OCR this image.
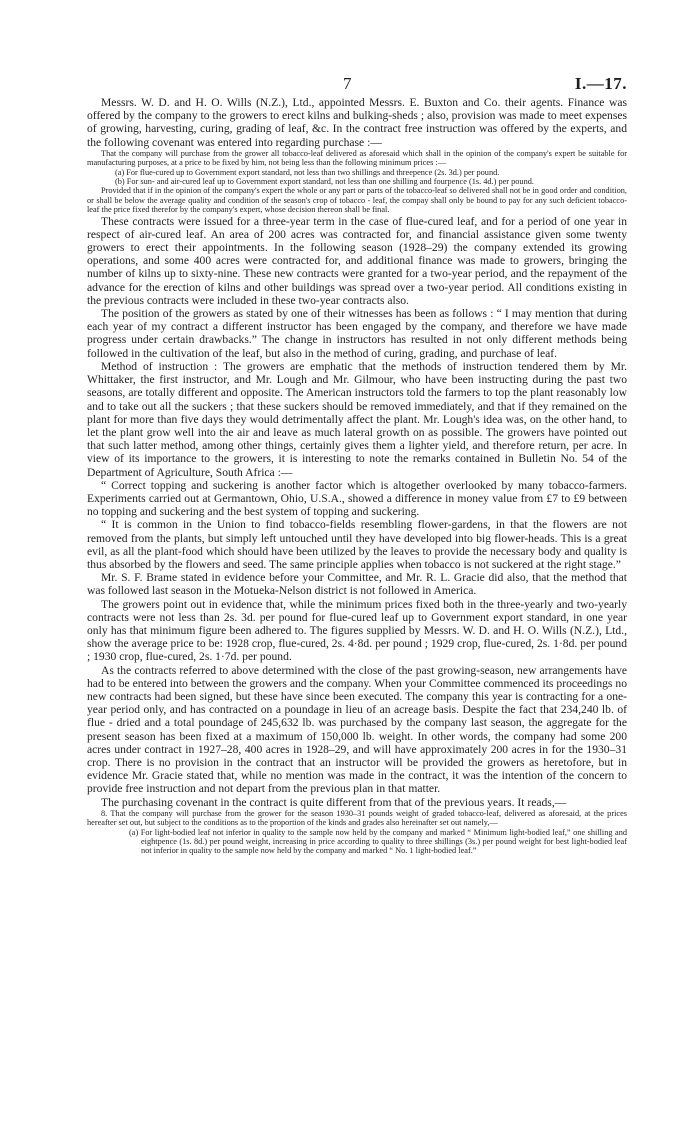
7	I.—17.

Messrs. W. D. and H. O. Wills (N.Z.), Ltd., appointed Messrs. E. Buxton and Co. their agents. Finance was offered by the company to the growers to erect kilns and bulking-sheds ; also, provision was made to meet expenses of growing, harvesting, curing, grading of leaf, &c. In the contract free instruction was offered by the experts, and the following covenant was entered into regarding purchase :—

That the company will purchase from the grower all tobacco-leaf delivered as aforesaid which shall in the opinion of the company's expert be suitable for manufacturing purposes, at a price to be fixed by him, not being less than the following minimum prices :—

(a) For flue-cured up to Government export standard, not less than two shillings and threepence (2s. 3d.) per pound.

(b) For sun- and air-cured leaf up to Government export standard, not less than one shilling and fourpence (1s. 4d.) per pound.

Provided that if in the opinion of the company's expert the whole or any part or parts of the tobacco-leaf so delivered shall not be in good order and condition, or shall be below the average quality and condition of the season's crop of tobacco - leaf, the compay shall only be bound to pay for any such deficient tobacco-leaf the price fixed therefor by the company's expert, whose decision thereon shall be final.

These contracts were issued for a three-year term in the case of flue-cured leaf, and for a period of one year in respect of air-cured leaf. An area of 200 acres was contracted for, and financial assistance given some twenty growers to erect their appointments. In the following season (1928–29) the company extended its growing operations, and some 400 acres were contracted for, and additional finance was made to growers, bringing the number of kilns up to sixty-nine. These new contracts were granted for a two-year period, and the repayment of the advance for the erection of kilns and other buildings was spread over a two-year period. All conditions existing in the previous contracts were included in these two-year contracts also.

The position of the growers as stated by one of their witnesses has been as follows : “ I may mention that during each year of my contract a different instructor has been engaged by the company, and therefore we have made progress under certain drawbacks.” The change in instructors has resulted in not only different methods being followed in the cultivation of the leaf, but also in the method of curing, grading, and purchase of leaf.

Method of instruction : The growers are emphatic that the methods of instruction tendered them by Mr. Whittaker, the first instructor, and Mr. Lough and Mr. Gilmour, who have been instructing during the past two seasons, are totally different and opposite. The American instructors told the farmers to top the plant reasonably low and to take out all the suckers ; that these suckers should be removed immediately, and that if they remained on the plant for more than five days they would detrimentally affect the plant. Mr. Lough's idea was, on the other hand, to let the plant grow well into the air and leave as much lateral growth on as possible. The growers have pointed out that such latter method, among other things, certainly gives them a lighter yield, and therefore return, per acre. In view of its importance to the growers, it is interesting to note the remarks contained in Bulletin No. 54 of the Department of Agriculture, South Africa :—

“ Correct topping and suckering is another factor which is altogether overlooked by many tobacco-farmers. Experiments carried out at Germantown, Ohio, U.S.A., showed a difference in money value from £7 to £9 between no topping and suckering and the best system of topping and suckering.

“ It is common in the Union to find tobacco-fields resembling flower-gardens, in that the flowers are not removed from the plants, but simply left untouched until they have developed into big flower-heads. This is a great evil, as all the plant-food which should have been utilized by the leaves to provide the necessary body and quality is thus absorbed by the flowers and seed. The same principle applies when tobacco is not suckered at the right stage.”

Mr. S. F. Brame stated in evidence before your Committee, and Mr. R. L. Gracie did also, that the method that was followed last season in the Motueka-Nelson district is not followed in America.

The growers point out in evidence that, while the minimum prices fixed both in the three-yearly and two-yearly contracts were not less than 2s. 3d. per pound for flue-cured leaf up to Government export standard, in one year only has that minimum figure been adhered to. The figures supplied by Messrs. W. D. and H. O. Wills (N.Z.), Ltd., show the average price to be: 1928 crop, flue-cured, 2s. 4·8d. per pound ; 1929 crop, flue-cured, 2s. 1·8d. per pound ; 1930 crop, flue-cured, 2s. 1·7d. per pound.

As the contracts referred to above determined with the close of the past growing-season, new arrangements have had to be entered into between the growers and the company. When your Committee commenced its proceedings no new contracts had been signed, but these have since been executed. The company this year is contracting for a one-year period only, and has contracted on a poundage in lieu of an acreage basis. Despite the fact that 234,240 lb. of flue - dried and a total poundage of 245,632 lb. was purchased by the company last season, the aggregate for the present season has been fixed at a maximum of 150,000 lb. weight. In other words, the company had some 200 acres under contract in 1927–28, 400 acres in 1928–29, and will have approximately 200 acres in for the 1930–31 crop. There is no provision in the contract that an instructor will be provided the growers as heretofore, but in evidence Mr. Gracie stated that, while no mention was made in the contract, it was the intention of the concern to provide free instruction and not depart from the previous plan in that matter.

The purchasing covenant in the contract is quite different from that of the previous years. It reads,—

8. That the company will purchase from the grower for the season 1930–31 pounds weight of graded tobacco-leaf, delivered as aforesaid, at the prices hereafter set out, but subject to the conditions as to the proportion of the kinds and grades also hereinafter set out namely,—

(a) For light-bodied leaf not inferior in quality to the sample now held by the company and marked “ Minimum light-bodied leaf,” one shilling and eightpence (1s. 8d.) per pound weight, increasing in price according to quality to three shillings (3s.) per pound weight for best light-bodied leaf not inferior in quality to the sample now held by the company and marked “ No. 1 light-bodied leaf.”
